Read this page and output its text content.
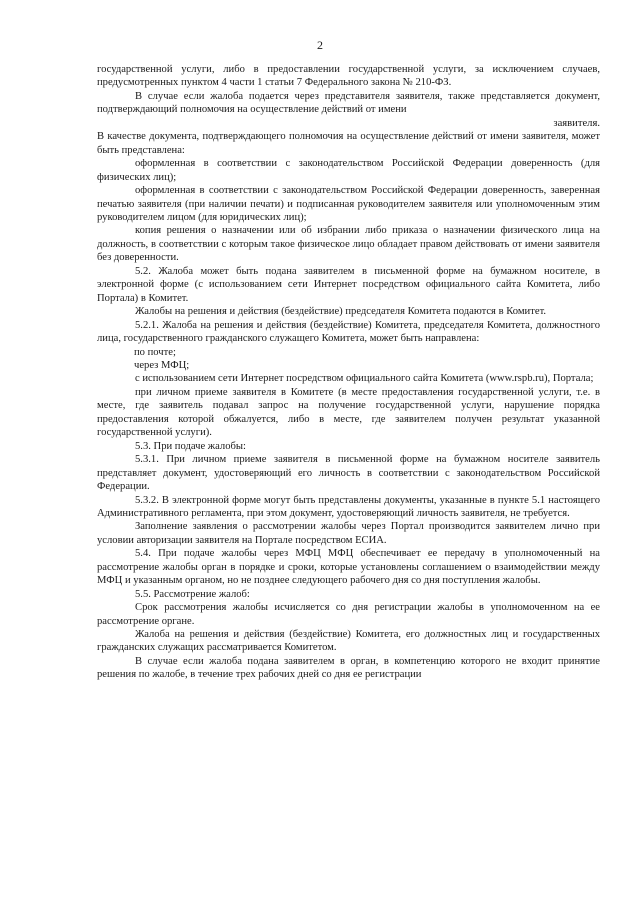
2

государственной услуги, либо в предоставлении государственной услуги, за исключением случаев, предусмотренных пунктом 4 части 1 статьи 7 Федерального закона № 210-ФЗ.

В случае если жалоба подается через представителя заявителя, также представляется документ, подтверждающий полномочия на осуществление действий от имени

заявителя.

В качестве документа, подтверждающего полномочия на осуществление действий от имени заявителя, может быть представлена:

оформленная в соответствии с законодательством Российской Федерации доверенность (для физических лиц);

оформленная в соответствии с законодательством Российской Федерации доверенность, заверенная печатью заявителя (при наличии печати) и подписанная руководителем заявителя или уполномоченным этим руководителем лицом (для юридических лиц);

копия решения о назначении или об избрании либо приказа о назначении физического лица на должность, в соответствии с которым такое физическое лицо обладает правом действовать от имени заявителя без доверенности.

5.2. Жалоба может быть подана заявителем в письменной форме на бумажном носителе, в электронной форме (с использованием сети Интернет посредством официального сайта Комитета, либо Портала) в Комитет.

Жалобы на решения и действия (бездействие) председателя Комитета подаются в Комитет.

5.2.1. Жалоба на решения и действия (бездействие) Комитета, председателя Комитета, должностного лица, государственного гражданского служащего Комитета, может быть направлена:

по почте;

через МФЦ;

с использованием сети Интернет посредством официального сайта Комитета (www.rspb.ru), Портала;

при личном приеме заявителя в Комитете (в месте предоставления государственной услуги, т.е. в месте, где заявитель подавал запрос на получение государственной услуги, нарушение порядка предоставления которой обжалуется, либо в месте, где заявителем получен результат указанной государственной услуги).

5.3. При подаче жалобы:

5.3.1. При личном приеме заявителя в письменной форме на бумажном носителе заявитель представляет документ, удостоверяющий его личность в соответствии с законодательством Российской Федерации.

5.3.2. В электронной форме могут быть представлены документы, указанные в пункте 5.1 настоящего Административного регламента, при этом документ, удостоверяющий личность заявителя, не требуется.

Заполнение заявления о рассмотрении жалобы через Портал производится заявителем лично при условии авторизации заявителя на Портале посредством ЕСИА.

5.4. При подаче жалобы через МФЦ МФЦ обеспечивает ее передачу в уполномоченный на рассмотрение жалобы орган в порядке и сроки, которые установлены соглашением о взаимодействии между МФЦ и указанным органом, но не позднее следующего рабочего дня со дня поступления жалобы.

5.5. Рассмотрение жалоб:

Срок рассмотрения жалобы исчисляется со дня регистрации жалобы в уполномоченном на ее рассмотрение органе.

Жалоба на решения и действия (бездействие) Комитета, его должностных лиц и государственных гражданских служащих рассматривается Комитетом.

В случае если жалоба подана заявителем в орган, в компетенцию которого не входит принятие решения по жалобе, в течение трех рабочих дней со дня ее регистрации
